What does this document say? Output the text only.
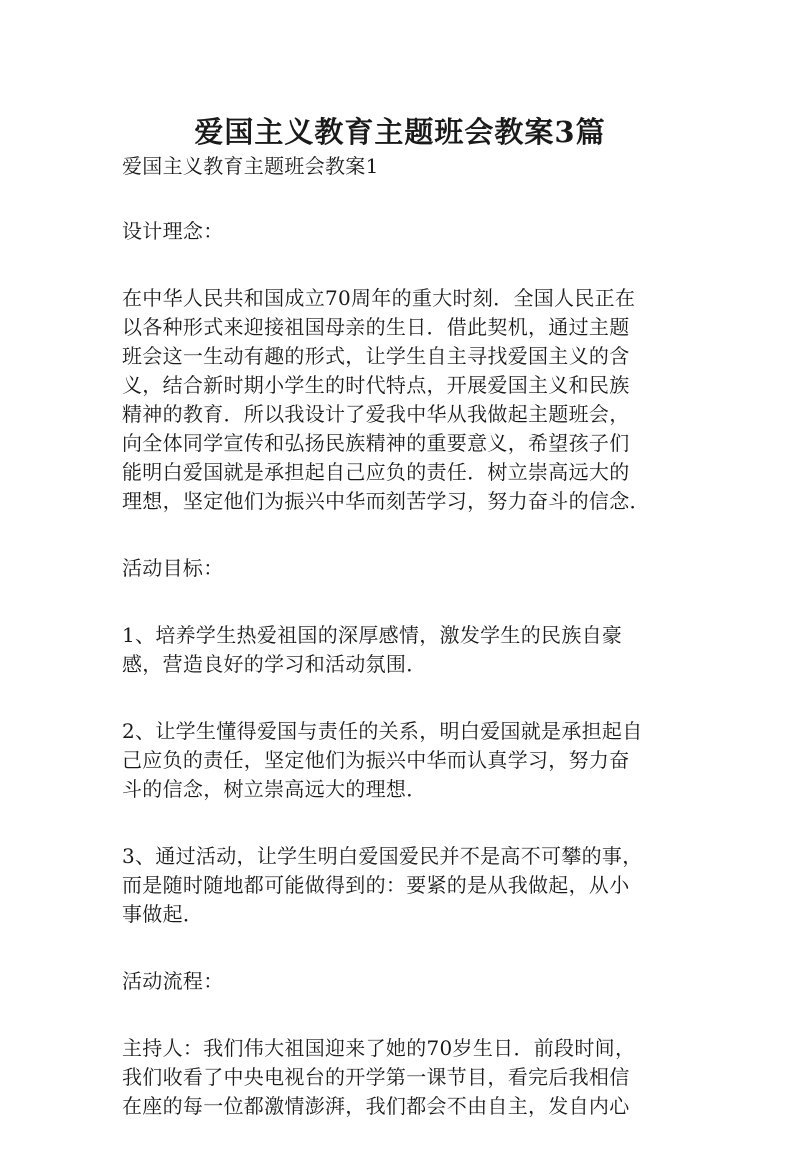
爱国主义教育主题班会教案3篇

爱国主义教育主题班会教案1

设计理念：

在中华人民共和国成立70周年的重大时刻．全国人民正在
以各种形式来迎接祖国母亲的生日．借此契机，通过主题
班会这一生动有趣的形式，让学生自主寻找爱国主义的含
义，结合新时期小学生的时代特点，开展爱国主义和民族
精神的教育．所以我设计了爱我中华从我做起主题班会，
向全体同学宣传和弘扬民族精神的重要意义，希望孩子们
能明白爱国就是承担起自己应负的责任．树立崇高远大的
理想，坚定他们为振兴中华而刻苦学习，努力奋斗的信念．

活动目标：

1、培养学生热爱祖国的深厚感情，激发学生的民族自豪
感，营造良好的学习和活动氛围．

2、让学生懂得爱国与责任的关系，明白爱国就是承担起自
己应负的责任，坚定他们为振兴中华而认真学习，努力奋
斗的信念，树立崇高远大的理想．

3、通过活动，让学生明白爱国爱民并不是高不可攀的事，
而是随时随地都可能做得到的：要紧的是从我做起，从小
事做起．

活动流程：

主持人：我们伟大祖国迎来了她的70岁生日．前段时间，
我们收看了中央电视台的开学第一课节目，看完后我相信
在座的每一位都激情澎湃，我们都会不由自主，发自内心
